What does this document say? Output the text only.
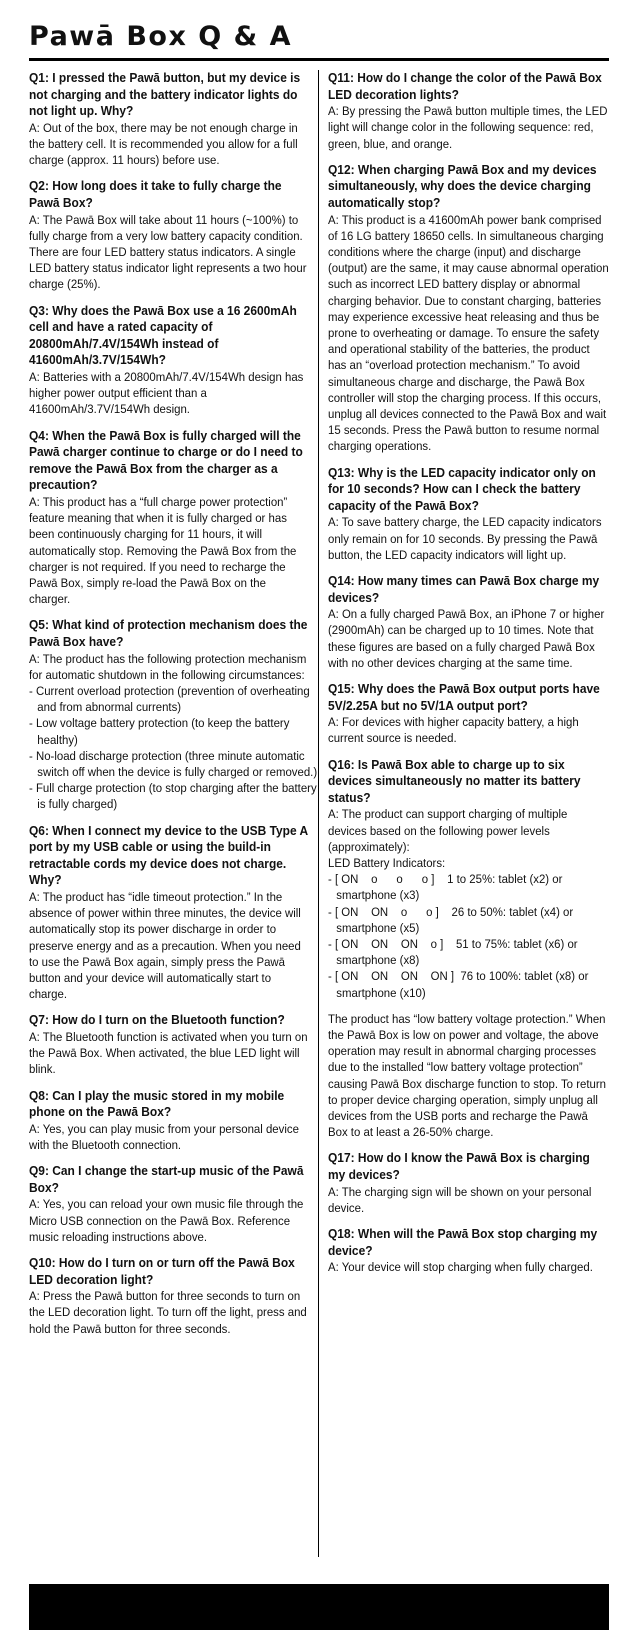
Pawā Box Q & A
Q1: I pressed the Pawā button, but my device is not charging and the battery indicator lights do not light up. Why?
A: Out of the box, there may be not enough charge in the battery cell. It is recommended you allow for a full charge (approx. 11 hours) before use.
Q2: How long does it take to fully charge the Pawā Box?
A: The Pawā Box will take about 11 hours (~100%) to fully charge from a very low battery capacity condition. There are four LED battery status indicators. A single LED battery status indicator light represents a two hour charge (25%).
Q3: Why does the Pawā Box use a 16 2600mAh cell and have a rated capacity of 20800mAh/7.4V/154Wh instead of 41600mAh/3.7V/154Wh?
A: Batteries with a 20800mAh/7.4V/154Wh design has higher power output efficient than a 41600mAh/3.7V/154Wh design.
Q4: When the Pawā Box is fully charged will the Pawā charger continue to charge or do I need to remove the Pawā Box from the charger as a precaution?
A: This product has a “full charge power protection” feature meaning that when it is fully charged or has been continuously charging for 11 hours, it will automatically stop. Removing the Pawā Box from the charger is not required. If you need to recharge the Pawā Box, simply re-load the Pawā Box on the charger.
Q5: What kind of protection mechanism does the Pawā Box have?
A: The product has the following protection mechanism for automatic shutdown in the following circumstances:
- Current overload protection (prevention of overheating and from abnormal currents)
- Low voltage battery protection (to keep the battery healthy)
- No-load discharge protection (three minute automatic switch off when the device is fully charged or removed.)
- Full charge protection (to stop charging after the battery is fully charged)
Q6: When I connect my device to the USB Type A port by my USB cable or using the build-in retractable cords my device does not charge. Why?
A: The product has “idle timeout protection.” In the absence of power within three minutes, the device will automatically stop its power discharge in order to preserve energy and as a precaution. When you need to use the Pawā Box again, simply press the Pawā button and your device will automatically start to charge.
Q7: How do I turn on the Bluetooth function?
A: The Bluetooth function is activated when you turn on the Pawā Box. When activated, the blue LED light will blink.
Q8: Can I play the music stored in my mobile phone on the Pawā Box?
A: Yes, you can play music from your personal device with the Bluetooth connection.
Q9: Can I change the start-up music of the Pawā Box?
A: Yes, you can reload your own music file through the Micro USB connection on the Pawā Box. Reference music reloading instructions above.
Q10: How do I turn on or turn off the Pawā Box LED decoration light?
A: Press the Pawā button for three seconds to turn on the LED decoration light. To turn off the light, press and hold the Pawā button for three seconds.
Q11: How do I change the color of the Pawā Box LED decoration lights?
A: By pressing the Pawā button multiple times, the LED light will change color in the following sequence: red, green, blue, and orange.
Q12: When charging Pawā Box and my devices simultaneously, why does the device charging automatically stop?
A: This product is a 41600mAh power bank comprised of 16 LG battery 18650 cells. In simultaneous charging conditions where the charge (input) and discharge (output) are the same, it may cause abnormal operation such as incorrect LED battery display or abnormal charging behavior. Due to constant charging, batteries may experience excessive heat releasing and thus be prone to overheating or damage. To ensure the safety and operational stability of the batteries, the product has an “overload protection mechanism.” To avoid simultaneous charge and discharge, the Pawā Box controller will stop the charging process. If this occurs, unplug all devices connected to the Pawā Box and wait 15 seconds. Press the Pawā button to resume normal charging operations.
Q13: Why is the LED capacity indicator only on for 10 seconds? How can I check the battery capacity of the Pawā Box?
A: To save battery charge, the LED capacity indicators only remain on for 10 seconds. By pressing the Pawā button, the LED capacity indicators will light up.
Q14: How many times can Pawā Box charge my devices?
A: On a fully charged Pawā Box, an iPhone 7 or higher (2900mAh) can be charged up to 10 times. Note that these figures are based on a fully charged Pawā Box with no other devices charging at the same time.
Q15: Why does the Pawā Box output ports have 5V/2.25A but no 5V/1A output port?
A: For devices with higher capacity battery, a high current source is needed.
Q16: Is Pawā Box able to charge up to six devices simultaneously no matter its battery status?
A: The product can support charging of multiple devices based on the following power levels (approximately):
LED Battery Indicators:
- [ ON    o      o      o ]    1 to 25%: tablet (x2) or smartphone (x3)
- [ ON    ON    o      o ]    26 to 50%: tablet (x4) or smartphone (x5)
- [ ON    ON    ON    o ]    51 to 75%: tablet (x6) or smartphone (x8)
- [ ON    ON    ON    ON ]  76 to 100%: tablet (x8) or smartphone (x10)
The product has “low battery voltage protection.” When the Pawā Box is low on power and voltage, the above operation may result in abnormal charging processes due to the installed “low battery voltage protection” causing Pawā Box discharge function to stop. To return to proper device charging operation, simply unplug all devices from the USB ports and recharge the Pawā Box to at least a 26-50% charge.
Q17: How do I know the Pawā Box is charging my devices?
A: The charging sign will be shown on your personal device.
Q18: When will the Pawā Box stop charging my device?
A: Your device will stop charging when fully charged.
